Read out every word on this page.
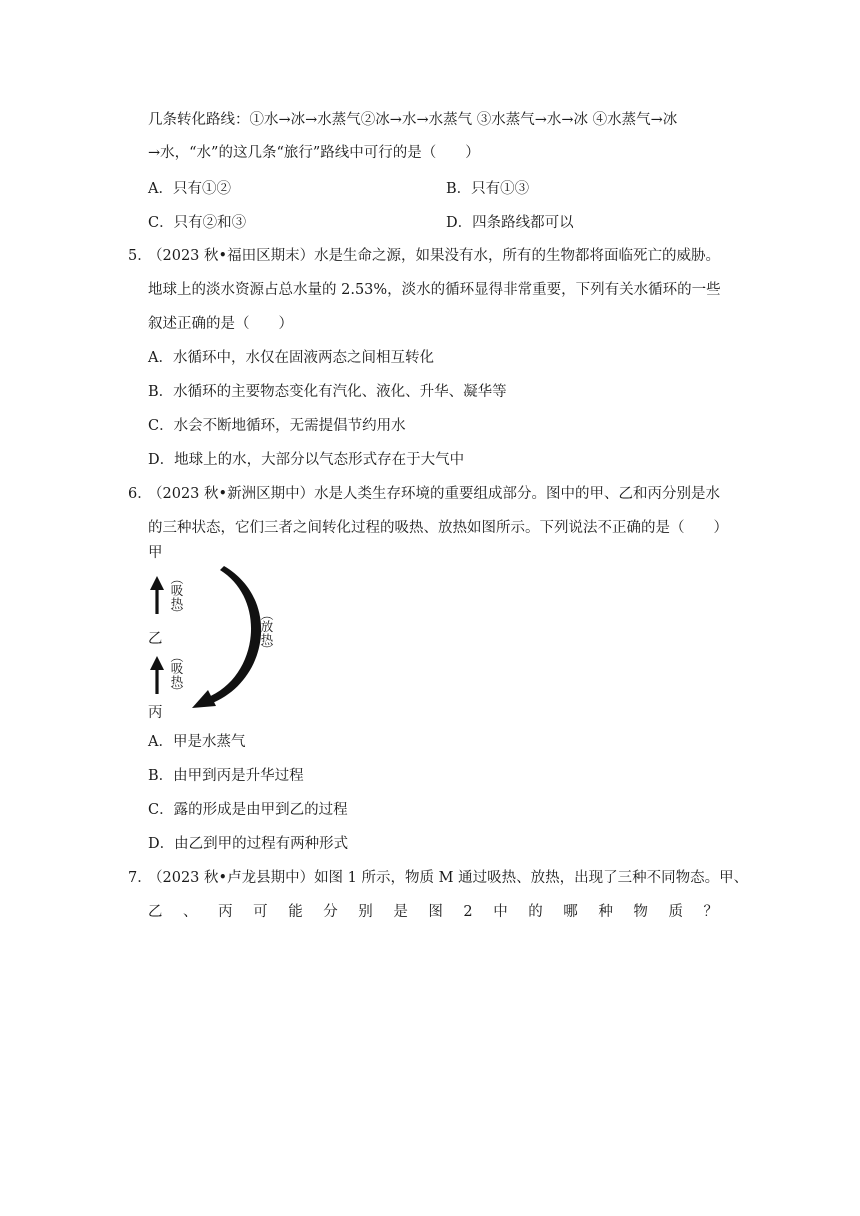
几条转化路线：①水→冰→水蒸气②冰→水→水蒸气 ③水蒸气→水→冰 ④水蒸气→冰
→水，“水”的这几条“旅行”路线中可行的是（　　）
A．只有①②	B．只有①③
C．只有②和③	D．四条路线都可以
5．
（2023 秋•福田区期末）水是生命之源，如果没有水，所有的生物都将面临死亡的威胁。
地球上的淡水资源占总水量的 2.53%，淡水的循环显得非常重要，下列有关水循环的一些
叙述正确的是（　　）
A．水循环中，水仅在固液两态之间相互转化
B．水循环的主要物态变化有汽化、液化、升华、凝华等
C．水会不断地循环，无需提倡节约用水
D．地球上的水，大部分以气态形式存在于大气中
6．
（2023 秋•新洲区期中）水是人类生存环境的重要组成部分。图中的甲、乙和丙分别是水
的三种状态，它们三者之间转化过程的吸热、放热如图所示。下列说法不正确的是（　　）
甲
乙
丙
︵
吸热
︶
︵
吸热
︶
︵
放热
︶
A．甲是水蒸气
B．由甲到丙是升华过程
C．露的形成是由甲到乙的过程
D．由乙到甲的过程有两种形式
7．
（2023 秋•卢龙县期中）如图 1 所示，物质 M 通过吸热、放热，出现了三种不同物态。甲、
乙 、 丙 可 能 分 别 是 图 2 中 的 哪 种 物 质 ？
